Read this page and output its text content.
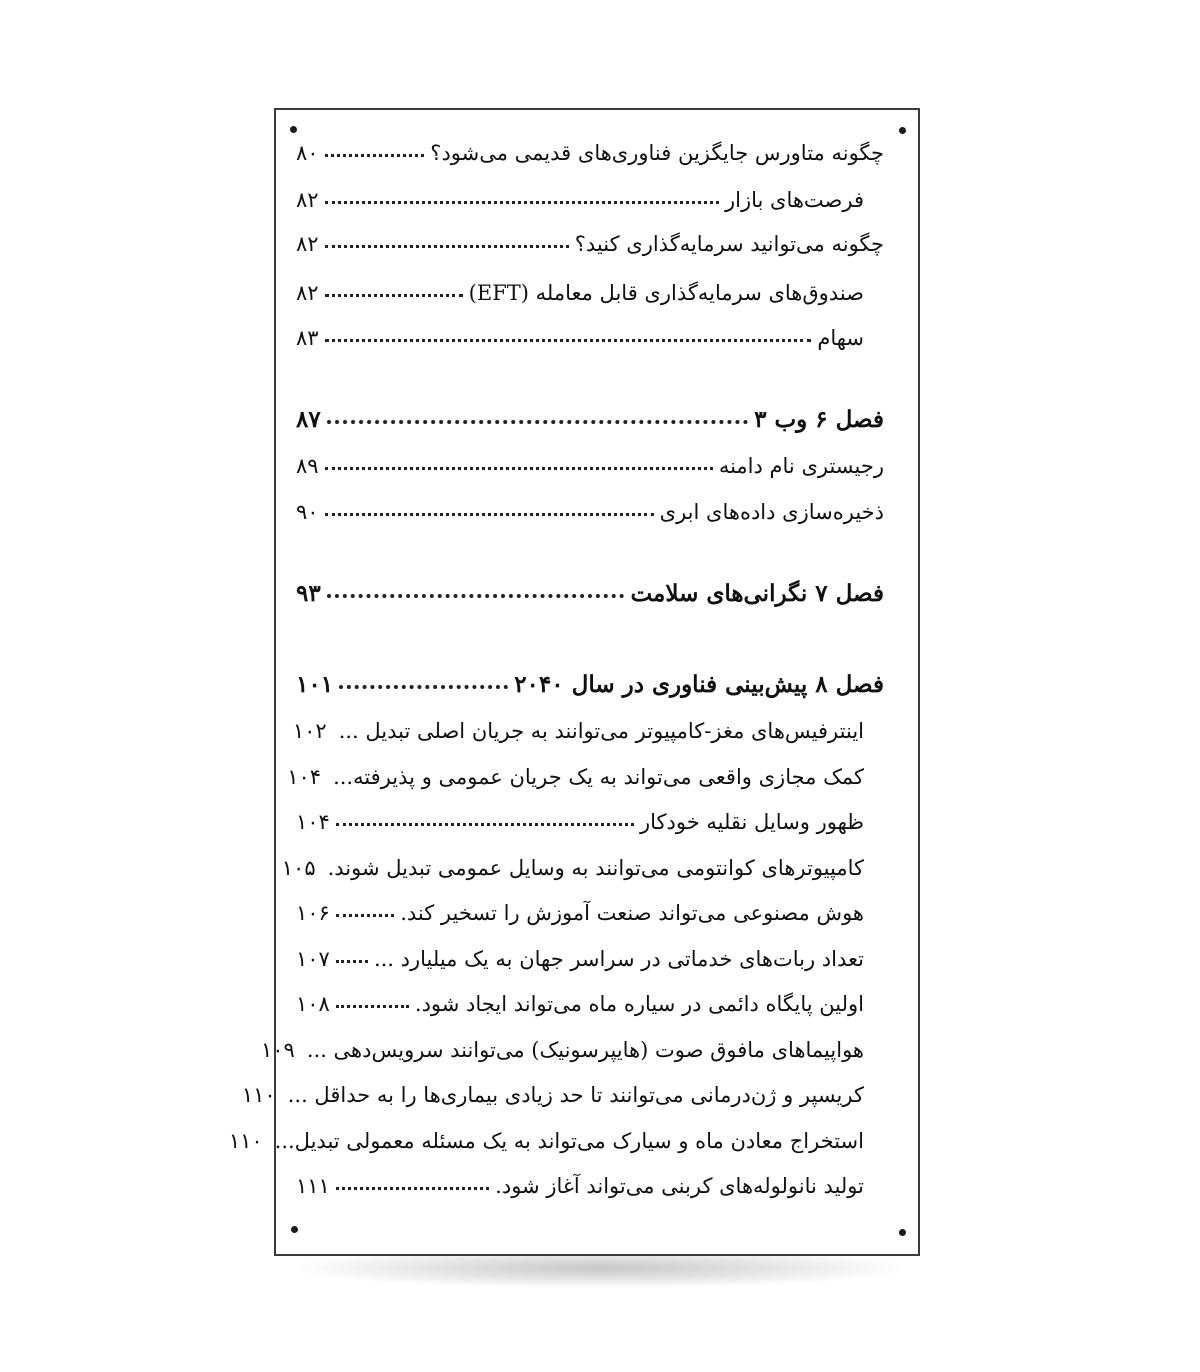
چگونه متاورس جایگزین فناوری‌های قدیمی می‌شود؟
۸۰
فرصت‌های بازار
۸۲
چگونه می‌توانید سرمایه‌گذاری کنید؟
۸۲
صندوق‌های سرمایه‌گذاری قابل معامله (EFT)
۸۲
سهام
۸۳
فصل ۶ وب ۳
۸۷
رجیستری نام دامنه
۸۹
ذخیره‌سازی داده‌های ابری
۹۰
فصل ۷ نگرانی‌های سلامت
۹۳
فصل ۸ پیش‌بینی فناوری در سال ۲۰۴۰
۱۰۱
اینترفیس‌های مغز-کامپیوتر می‌توانند به جریان اصلی تبدیل ...
۱۰۲
کمک مجازی واقعی می‌تواند به یک جریان عمومی و پذیرفته...
۱۰۴
ظهور وسایل نقلیه خودکار
۱۰۴
کامپیوترهای کوانتومی می‌توانند به وسایل عمومی تبدیل شوند.
۱۰۵
هوش مصنوعی می‌تواند صنعت آموزش را تسخیر کند.
۱۰۶
تعداد ربات‌های خدماتی در سراسر جهان به یک میلیارد ...
۱۰۷
اولین پایگاه دائمی در سیاره ماه می‌تواند ایجاد شود.
۱۰۸
هواپیماهای مافوق صوت (هایپرسونیک) می‌توانند سرویس‌دهی ...
۱۰۹
کریسپر و ژن‌درمانی می‌توانند تا حد زیادی بیماری‌ها را به حداقل ...
۱۱۰
استخراج معادن ماه و سیارک می‌تواند به یک مسئله معمولی تبدیل...
۱۱۰
تولید نانولوله‌های کربنی می‌تواند آغاز شود.
۱۱۱
